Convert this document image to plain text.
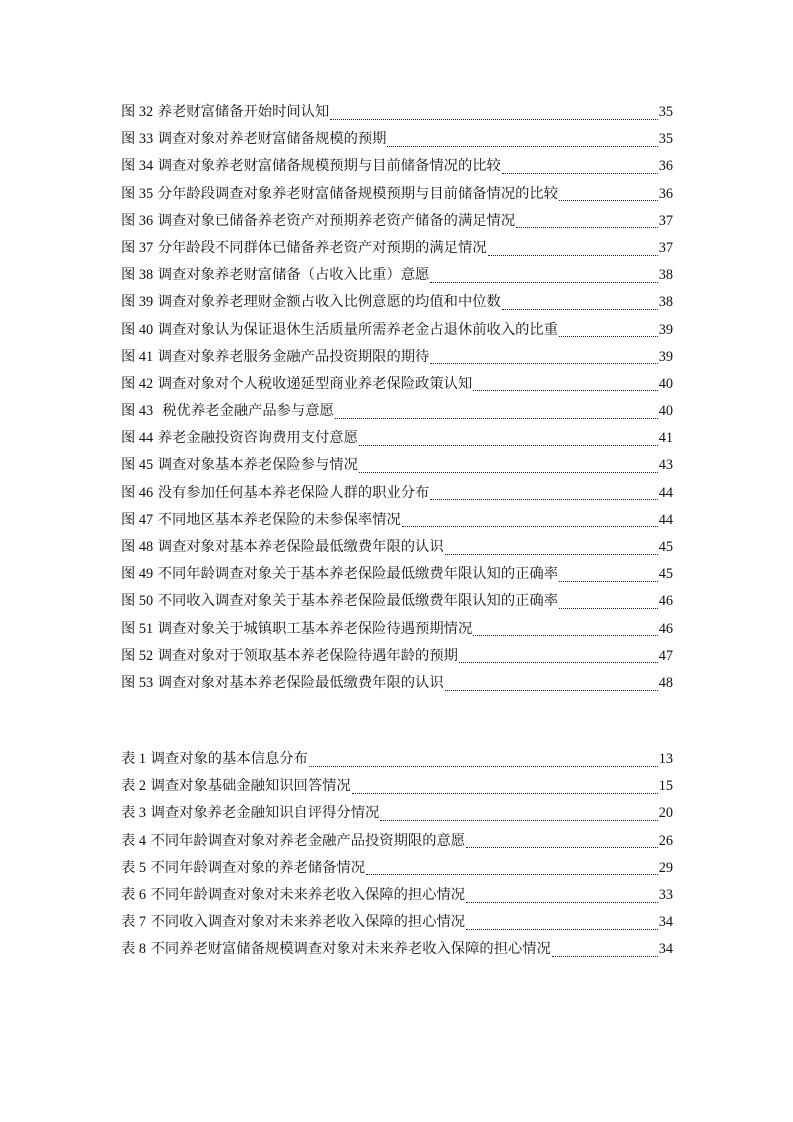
图 32 养老财富储备开始时间认知	35
图 33 调查对象对养老财富储备规模的预期	35
图 34 调查对象养老财富储备规模预期与目前储备情况的比较	36
图 35 分年龄段调查对象养老财富储备规模预期与目前储备情况的比较	36
图 36 调查对象已储备养老资产对预期养老资产储备的满足情况	37
图 37 分年龄段不同群体已储备养老资产对预期的满足情况	37
图 38 调查对象养老财富储备（占收入比重）意愿	38
图 39 调查对象养老理财金额占收入比例意愿的均值和中位数	38
图 40 调查对象认为保证退休生活质量所需养老金占退休前收入的比重	39
图 41 调查对象养老服务金融产品投资期限的期待	39
图 42 调查对象对个人税收递延型商业养老保险政策认知	40
图 43 税优养老金融产品参与意愿	40
图 44 养老金融投资咨询费用支付意愿	41
图 45 调查对象基本养老保险参与情况	43
图 46 没有参加任何基本养老保险人群的职业分布	44
图 47 不同地区基本养老保险的未参保率情况	44
图 48 调查对象对基本养老保险最低缴费年限的认识	45
图 49 不同年龄调查对象关于基本养老保险最低缴费年限认知的正确率	45
图 50 不同收入调查对象关于基本养老保险最低缴费年限认知的正确率	46
图 51 调查对象关于城镇职工基本养老保险待遇预期情况	46
图 52 调查对象对于领取基本养老保险待遇年龄的预期	47
图 53 调查对象对基本养老保险最低缴费年限的认识	48
表 1 调查对象的基本信息分布	13
表 2 调查对象基础金融知识回答情况	15
表 3 调查对象养老金融知识自评得分情况	20
表 4 不同年龄调查对象对养老金融产品投资期限的意愿	26
表 5 不同年龄调查对象的养老储备情况	29
表 6 不同年龄调查对象对未来养老收入保障的担心情况	33
表 7 不同收入调查对象对未来养老收入保障的担心情况	34
表 8 不同养老财富储备规模调查对象对未来养老收入保障的担心情况	34
